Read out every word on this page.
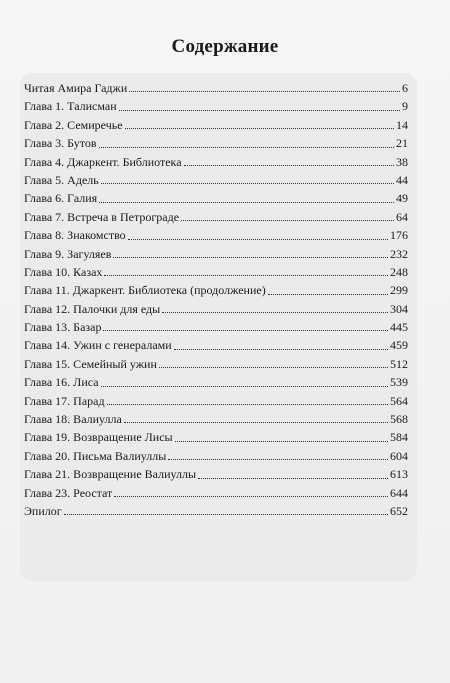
Содержание
Читая Амира Гаджи	6
Глава 1. Талисман	9
Глава 2. Семиречье	14
Глава 3. Бутов	21
Глава 4. Джаркент. Библиотека	38
Глава 5. Адель	44
Глава 6. Галия	49
Глава 7. Встреча в Петрограде	64
Глава 8. Знакомство	176
Глава 9. Загуляев	232
Глава 10. Казах	248
Глава 11. Джаркент. Библиотека (продолжение)	299
Глава 12. Палочки для еды	304
Глава 13. Базар	445
Глава 14. Ужин с генералами	459
Глава 15. Семейный ужин	512
Глава 16. Лиса	539
Глава 17. Парад	564
Глава 18. Валиулла	568
Глава 19. Возвращение Лисы	584
Глава 20. Письма Валиуллы	604
Глава 21. Возвращение Валиуллы	613
Глава 23. Реостат	644
Эпилог	652
